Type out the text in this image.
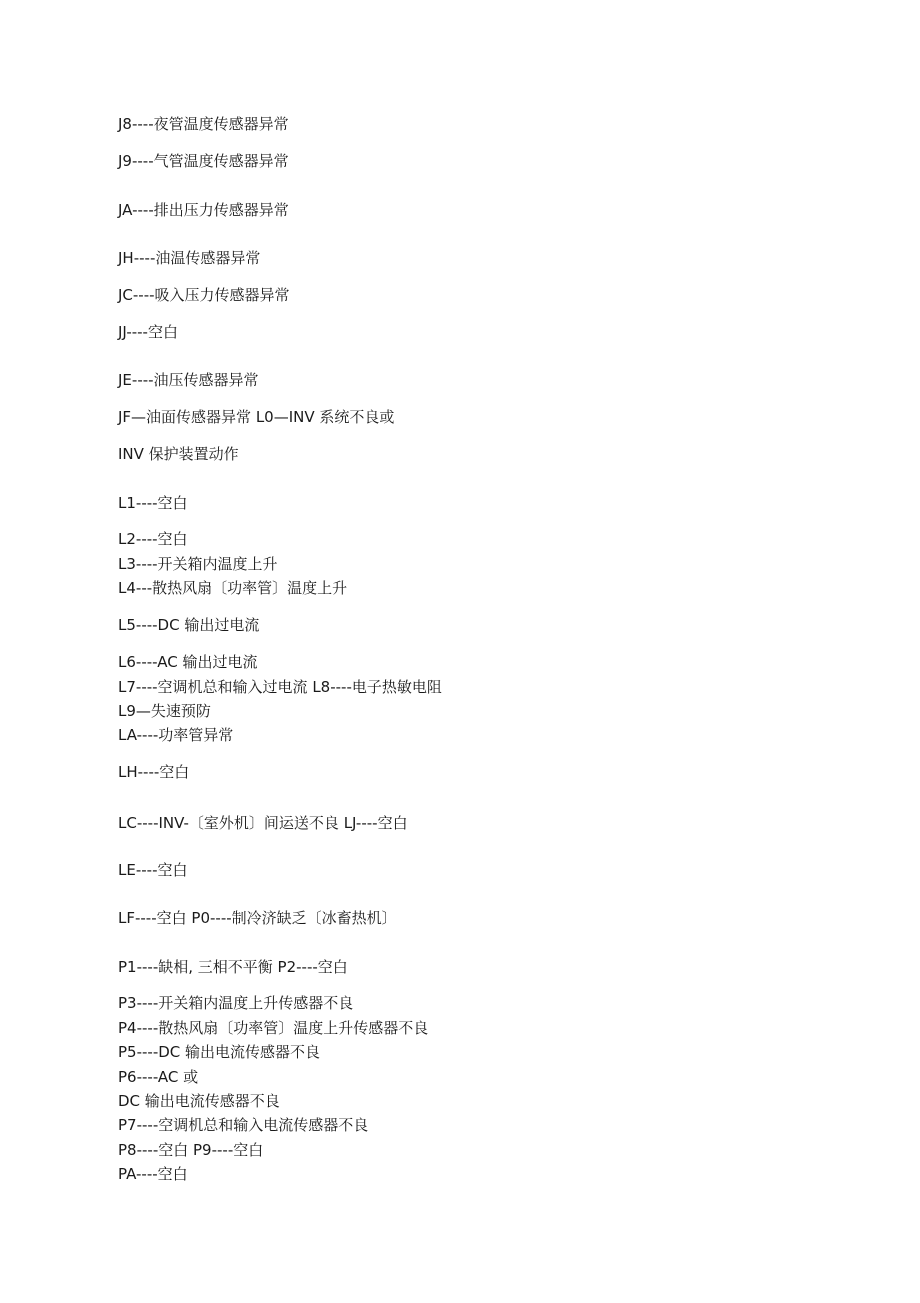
J8----夜管温度传感器异常
J9----气管温度传感器异常
JA----排出压力传感器异常
JH----油温传感器异常
JC----吸入压力传感器异常
JJ----空白
JE----油压传感器异常
JF—油面传感器异常 L0—INV 系统不良或
INV 保护装置动作
L1----空白
L2----空白
L3----开关箱内温度上升
L4---散热风扇〔功率管〕温度上升
L5----DC 输出过电流
L6----AC 输出过电流
L7----空调机总和输入过电流 L8----电子热敏电阻
L9—失速预防
LA----功率管异常
LH----空白
LC----INV-〔室外机〕间运送不良 LJ----空白
LE----空白
LF----空白 P0----制冷济缺乏〔冰畜热机〕
P1----缺相, 三相不平衡 P2----空白
P3----开关箱内温度上升传感器不良
P4----散热风扇〔功率管〕温度上升传感器不良
P5----DC 输出电流传感器不良
P6----AC 或
DC 输出电流传感器不良
P7----空调机总和输入电流传感器不良
P8----空白 P9----空白
PA----空白
